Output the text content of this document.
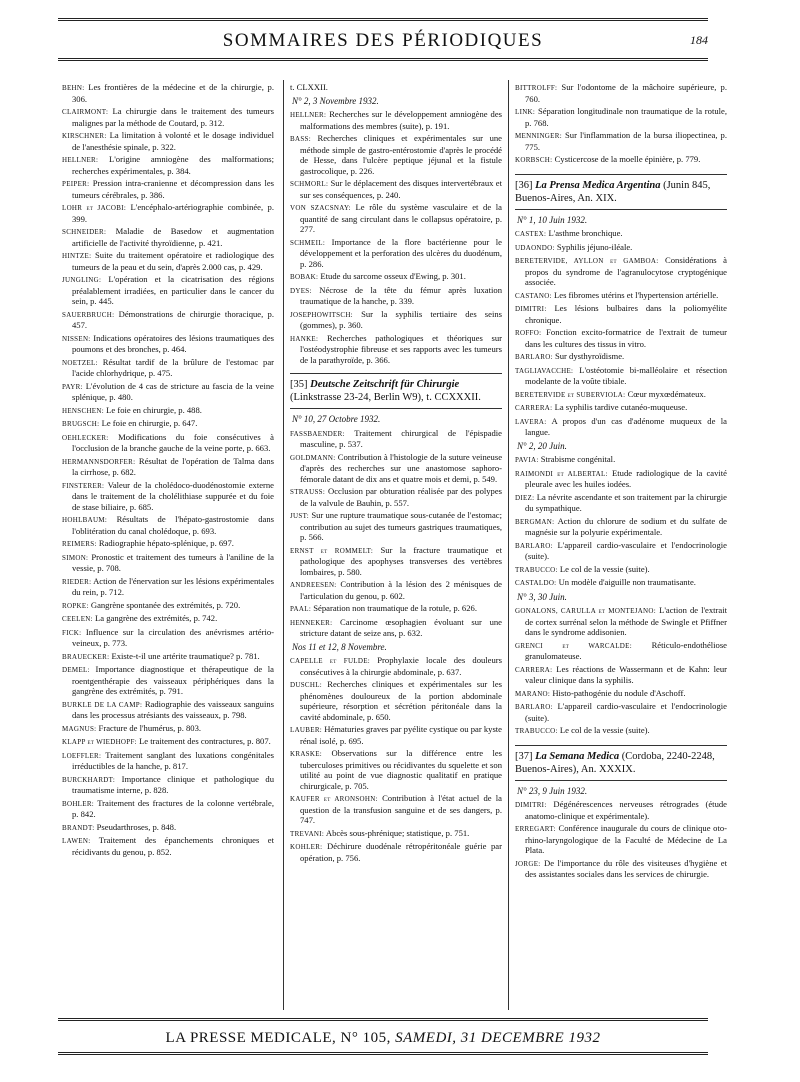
SOMMAIRES DES PÉRIODIQUES	184
BEHN: Les frontières de la médecine et de la chirurgie, p. 306.
CLAIRMONT: La chirurgie dans le traitement des tumeurs malignes par la méthode de Coutard, p. 312.
KIRSCHNER: La limitation à volonté et le dosage individuel de l'anesthésie spinale, p. 322.
HELLNER: L'origine amniogène des malformations; recherches expérimentales, p. 384.
PEIPER: Pression intra-cranienne et décompression dans les tumeurs cérébrales, p. 386.
LOHR et JACOBI: L'encéphalo-artériographie combinée, p. 399.
SCHNEIDER: Maladie de Basedow et augmentation artificielle de l'activité thyroïdienne, p. 421.
HINTZE: Suite du traitement opératoire et radiologique des tumeurs de la peau et du sein, d'après 2.000 cas, p. 429.
JUNGLING: L'opération et la cicatrisation des régions préalablement irradiées, en particulier dans le cancer du sein, p. 445.
SAUERBRUCH: Démonstrations de chirurgie thoracique, p. 457.
NISSEN: Indications opératoires des lésions traumatiques des poumons et des bronches, p. 464.
NOETZEL: Résultat tardif de la brûlure de l'estomac par l'acide chlorhydrique, p. 475.
PAYR: L'évolution de 4 cas de stricture au fascia de la veine splénique, p. 480.
HENSCHEN: Le foie en chirurgie, p. 488.
BRUGSCH: Le foie en chirurgie, p. 647.
OEHLECKER: Modifications du foie consécutives à l'occlusion de la branche gauche de la veine porte, p. 663.
HERMANNSDORFER: Résultat de l'opération de Talma dans la cirrhose, p. 682.
FINSTERER: Valeur de la cholédoco-duodénostomie externe dans le traitement de la cholélithiase suppurée et du foie de stase biliaire, p. 685.
HOHLBAUM: Résultats de l'hépato-gastrostomie dans l'oblitération du canal cholédoque, p. 693.
REIMERS: Radiographie hépato-splénique, p. 697.
SIMON: Pronostic et traitement des tumeurs à l'aniline de la vessie, p. 708.
RIEDER: Action de l'énervation sur les lésions expérimentales du rein, p. 712.
ROPKE: Gangrène spontanée des extrémités, p. 720.
CEELEN: La gangrène des extrémités, p. 742.
FICK: Influence sur la circulation des anévrismes artério-veineux, p. 773.
BRAUECKER: Existe-t-il une artérite traumatique? p. 781.
DEMEL: Importance diagnostique et thérapeutique de la roentgenthérapie des vaisseaux périphériques dans la gangrène des extrémités, p. 791.
BURKLE DE LA CAMP: Radiographie des vaisseaux sanguins dans les processus atrésiants des vaisseaux, p. 798.
MAGNUS: Fracture de l'humérus, p. 803.
KLAPP et WIEDHOPF: Le traitement des contractures, p. 807.
LOEFFLER: Traitement sanglant des luxations congénitales irréductibles de la hanche, p. 817.
BURCKHARDT: Importance clinique et pathologique du traumatisme interne, p. 828.
BOHLER: Traitement des fractures de la colonne vertébrale, p. 842.
BRANDT: Pseudarthroses, p. 848.
LAWEN: Traitement des épanchements chroniques et récidivants du genou, p. 852.
t. CLXXII.
N° 2, 3 Novembre 1932.
HELLNER: Recherches sur le développement amniogène des malformations des membres (suite), p. 191.
BASS: Recherches cliniques et expérimentales sur une méthode simple de gastro-entérostomie d'après le procédé de Hesse, dans l'ulcère peptique jéjunal et la fistule gastrocolique, p. 226.
SCHMORL: Sur le déplacement des disques intervertébraux et sur ses conséquences, p. 240.
VON SZACSNAY: Le rôle du système vasculaire et de la quantité de sang circulant dans le collapsus opératoire, p. 277.
SCHMEIL: Importance de la flore bactérienne pour le développement et la perforation des ulcères du duodénum, p. 286.
BOBAK: Etude du sarcome osseux d'Ewing, p. 301.
DYES: Nécrose de la tête du fémur après luxation traumatique de la hanche, p. 339.
JOSEPHOWITSCH: Sur la syphilis tertiaire des seins (gommes), p. 360.
HANKE: Recherches pathologiques et théoriques sur l'ostéodystrophie fibreuse et ses rapports avec les tumeurs de la parathyroïde, p. 366.
[35] Deutsche Zeitschrift für Chirurgie (Linkstrasse 23-24, Berlin W9), t. CCXXXII.
N° 10, 27 Octobre 1932.
FASSBAENDER: Traitement chirurgical de l'épispadie masculine, p. 537.
GOLDMANN: Contribution à l'histologie de la suture veineuse d'après des recherches sur une anastomose saphoro-fémorale datant de dix ans et quatre mois et demi, p. 549.
STRAUSS: Occlusion par obturation réalisée par des polypes de la valvule de Bauhin, p. 557.
JUST: Sur une rupture traumatique sous-cutanée de l'estomac; contribution au sujet des tumeurs gastriques traumatiques, p. 566.
ERNST et ROMMELT: Sur la fracture traumatique et pathologique des apophyses transverses des vertèbres lombaires, p. 580.
ANDREESEN: Contribution à la lésion des 2 ménisques de l'articulation du genou, p. 602.
PAAL: Séparation non traumatique de la rotule, p. 626.
HENNEKER: Carcinome œsophagien évoluant sur une stricture datant de seize ans, p. 632.
Nos 11 et 12, 8 Novembre.
CAPELLE et FULDE: Prophylaxie locale des douleurs consécutives à la chirurgie abdominale, p. 637.
DUSCHL: Recherches cliniques et expérimentales sur les phénomènes douloureux de la portion abdominale supérieure, résorption et sécrétion péritonéale dans la cavité abdominale, p. 650.
LAUBER: Hématuries graves par pyélite cystique ou par kyste rénal isolé, p. 695.
KRASKE: Observations sur la différence entre les tuberculoses primitives ou récidivantes du squelette et son utilité au point de vue diagnostic qualitatif en pratique chirurgicale, p. 705.
KAUFER et ARONSOHN: Contribution à l'état actuel de la question de la transfusion sanguine et de ses dangers, p. 747.
TREVANI: Abcès sous-phrénique; statistique, p. 751.
KOHLER: Déchirure duodénale rétropéritonéale guérie par opération, p. 756.
BITTROLFF: Sur l'odontome de la mâchoire supérieure, p. 760.
LINK: Séparation longitudinale non traumatique de la rotule, p. 768.
MENNINGER: Sur l'inflammation de la bursa iliopectinea, p. 775.
KORBSCH: Cysticercose de la moelle épinière, p. 779.
[36] La Prensa Medica Argentina (Junin 845, Buenos-Aires, An. XIX.
N° 1, 10 Juin 1932.
CASTEX: L'asthme bronchique.
UDAONDO: Syphilis jéjuno-iléale.
BERETERVIDE, AYLLON et GAMBOA: Considérations à propos du syndrome de l'agranulocytose cryptogénique associée.
CASTANO: Les fibromes utérins et l'hypertension artérielle.
DIMITRI: Les lésions bulbaires dans la poliomyélite chronique.
ROFFO: Fonction excito-formatrice de l'extrait de tumeur dans les cultures des tissus in vitro.
BARLARO: Sur dysthyroïdisme.
TAGLIAVACCHE: L'ostéotomie bi-malléolaire et résection modelante de la voûte tibiale.
BERETERVIDE et SUBERVIOLA: Cœur myxœdémateux.
CARRERA: La syphilis tardive cutanéo-muqueuse.
LAVERA: A propos d'un cas d'adénome muqueux de la langue.
N° 2, 20 Juin.
PAVIA: Strabisme congénital.
RAIMONDI et ALBERTAL: Etude radiologique de la cavité pleurale avec les huiles iodées.
DIEZ: La névrite ascendante et son traitement par la chirurgie du sympathique.
BERGMAN: Action du chlorure de sodium et du sulfate de magnésie sur la polyurie expérimentale.
BARLARO: L'appareil cardio-vasculaire et l'endocrinologie (suite).
TRABUCCO: Le col de la vessie (suite).
CASTALDO: Un modèle d'aiguille non traumatisante.
N° 3, 30 Juin.
GONALONS, CARULLA et MONTEJANO: L'action de l'extrait de cortex surrénal selon la méthode de Swingle et Pfiffner dans le syndrome addisonien.
GRENCI et WARCALDE: Réticulo-endothéliose granulomateuse.
CARRERA: Les réactions de Wassermann et de Kahn: leur valeur clinique dans la syphilis.
MARANO: Histo-pathogénie du nodule d'Aschoff.
BARLARO: L'appareil cardio-vasculaire et l'endocrinologie (suite).
TRABUCCO: Le col de la vessie (suite).
[37] La Semana Medica (Cordoba, 2240-2248, Buenos-Aires), An. XXXIX.
N° 23, 9 Juin 1932.
DIMITRI: Dégénérescences nerveuses rétrogrades (étude anatomo-clinique et expérimentale).
ERREGART: Conférence inaugurale du cours de clinique oto-rhino-laryngologique de la Faculté de Médecine de La Plata.
JORGE: De l'importance du rôle des visiteuses d'hygiène et des assistantes sociales dans les services de chirurgie.
LA PRESSE MEDICALE, N° 105, SAMEDI, 31 DECEMBRE 1932
